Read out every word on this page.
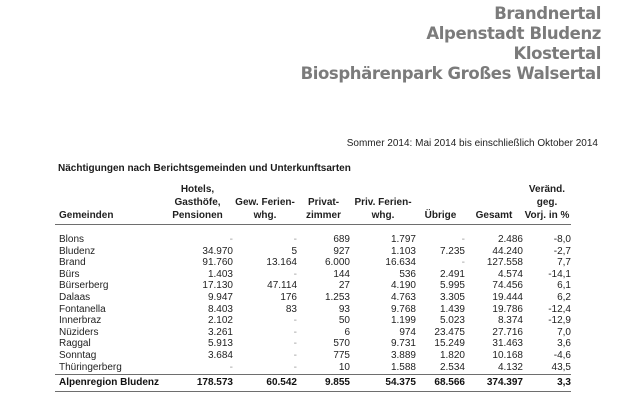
Brandnertal
Alpenstadt Bludenz
Klostertal
Biosphärenpark Großes Walsertal
Sommer 2014: Mai 2014 bis einschließlich Oktober 2014
Nächtigungen nach Berichtsgemeinden und Unterkunftsarten
Gemeinden	Hotels,
Gasthöfe,
Pensionen	Gew. Ferien-
whg.	Privat-
zimmer	Priv. Ferien-
whg.	Übrige	Gesamt	Veränd. geg.
Vorj. in %

Blons	-	-	689	1.797	-	2.486	-8,0
Bludenz	34.970	5	927	1.103	7.235	44.240	-2,7
Brand	91.760	13.164	6.000	16.634	-	127.558	7,7
Bürs	1.403	-	144	536	2.491	4.574	-14,1
Bürserberg	17.130	47.114	27	4.190	5.995	74.456	6,1
Dalaas	9.947	176	1.253	4.763	3.305	19.444	6,2
Fontanella	8.403	83	93	9.768	1.439	19.786	-12,4
Innerbraz	2.102	-	50	1.199	5.023	8.374	-12,9
Nüziders	3.261	-	6	974	23.475	27.716	7,0
Raggal	5.913	-	570	9.731	15.249	31.463	3,6
Sonntag	3.684	-	775	3.889	1.820	10.168	-4,6
Thüringerberg	-	-	10	1.588	2.534	4.132	43,5
Alpenregion Bludenz	178.573	60.542	9.855	54.375	68.566	374.397	3,3
